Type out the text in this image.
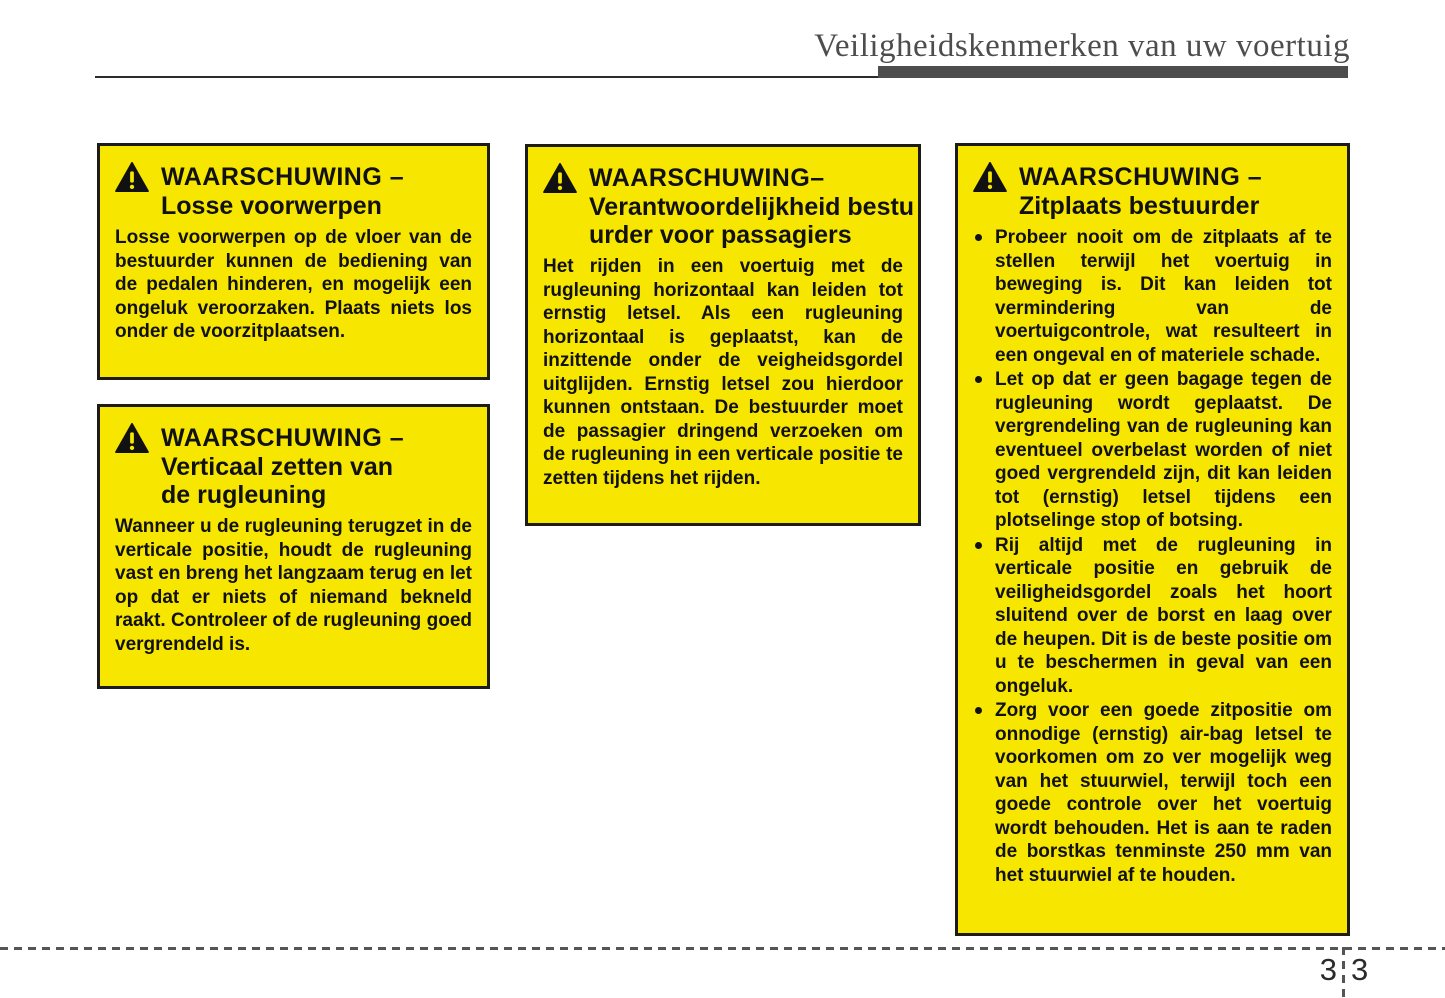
Veiligheidskenmerken van uw voertuig
WAARSCHUWING –
Losse voorwerpen

Losse voorwerpen op de vloer van de bestuurder kunnen de bediening van de pedalen hinderen, en mogelijk een ongeluk veroorzaken. Plaats niets los onder de voorzitplaatsen.

WAARSCHUWING –
Verticaal zetten van
de rugleuning

Wanneer u de rugleuning terugzet in de verticale positie, houdt de rugleuning vast en breng het langzaam terug en let op dat er niets of niemand bekneld raakt. Controleer of de rugleuning goed vergrendeld is.

WAARSCHUWING–
Verantwoordelijkheid bestu
urder voor passagiers

Het rijden in een voertuig met de rugleuning horizontaal kan leiden tot ernstig letsel. Als een rugleuning horizontaal is geplaatst, kan de inzittende onder de veigheidsgordel uitglijden. Ernstig letsel zou hierdoor kunnen ontstaan. De bestuurder moet de passagier dringend verzoeken om de rugleuning in een verticale positie te zetten tijdens het rijden.

WAARSCHUWING –
Zitplaats bestuurder
Probeer nooit om de zitplaats af te stellen terwijl het voertuig in beweging is. Dit kan leiden tot vermindering van de voertuigcontrole, wat resulteert in een ongeval en of materiele schade.
Let op dat er geen bagage tegen de rugleuning wordt geplaatst. De vergrendeling van de rugleuning kan eventueel overbelast worden of niet goed vergrendeld zijn, dit kan leiden tot (ernstig) letsel tijdens een plotselinge stop of botsing.
Rij altijd met de rugleuning in verticale positie en gebruik de veiligheidsgordel zoals het hoort sluitend over de borst en laag over de heupen. Dit is de beste positie om u te beschermen in geval van een ongeluk.
Zorg voor een goede zitpositie om onnodige (ernstig) air-bag letsel te voorkomen om zo ver mogelijk weg van het stuurwiel, terwijl toch een goede controle over het voertuig wordt behouden. Het is aan te raden de borstkas tenminste 250 mm van het stuurwiel af te houden.
3 3
